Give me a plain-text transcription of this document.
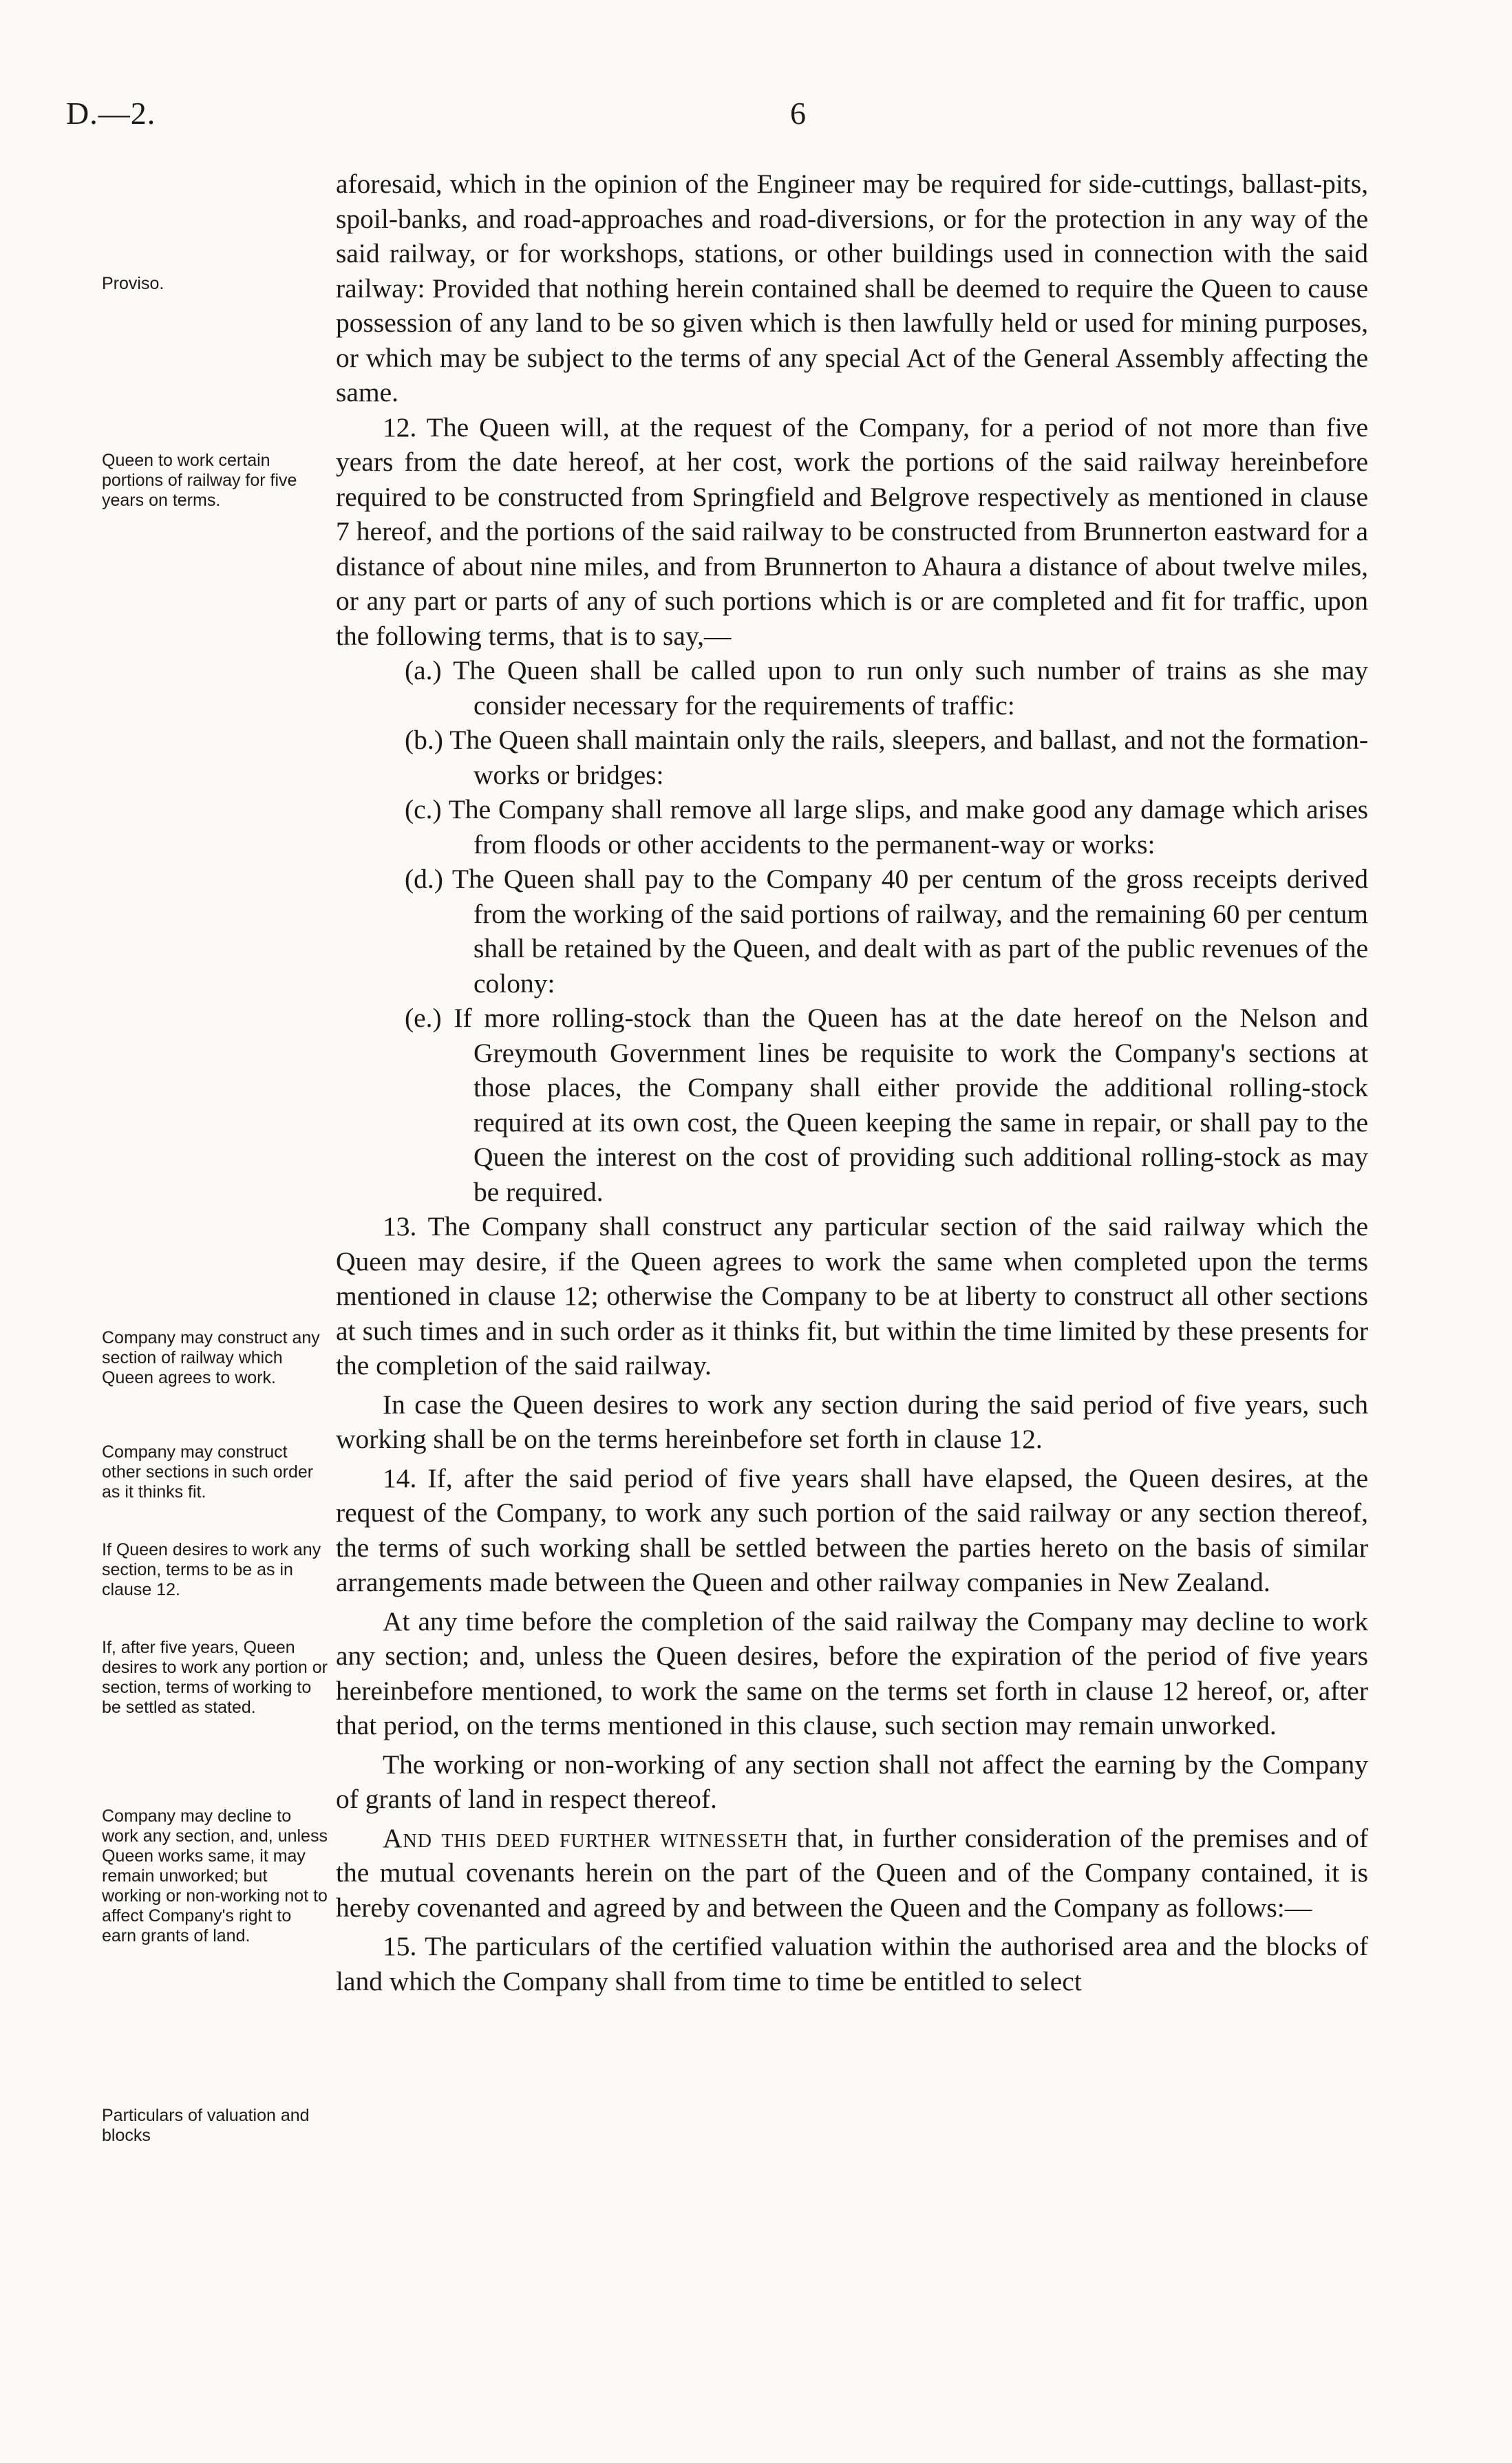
D.—2.	6
Proviso.
Queen to work certain portions of railway for five years on terms.
Company may construct any section of railway which Queen agrees to work.
Company may construct other sections in such order as it thinks fit.
If Queen desires to work any section, terms to be as in clause 12.
If, after five years, Queen desires to work any portion or section, terms of working to be settled as stated.
Company may decline to work any section, and, unless Queen works same, it may remain unworked; but working or non-working not to affect Company's right to earn grants of land.
Particulars of valuation and blocks

aforesaid, which in the opinion of the Engineer may be required for side-cuttings, ballast-pits, spoil-banks, and road-approaches and road-diversions, or for the protection in any way of the said railway, or for workshops, stations, or other buildings used in connection with the said railway: Provided that nothing herein contained shall be deemed to require the Queen to cause possession of any land to be so given which is then lawfully held or used for mining purposes, or which may be subject to the terms of any special Act of the General Assembly affecting the same.

12. The Queen will, at the request of the Company, for a period of not more than five years from the date hereof, at her cost, work the portions of the said railway hereinbefore required to be constructed from Springfield and Belgrove respectively as mentioned in clause 7 hereof, and the portions of the said railway to be constructed from Brunnerton eastward for a distance of about nine miles, and from Brunnerton to Ahaura a distance of about twelve miles, or any part or parts of any of such portions which is or are completed and fit for traffic, upon the following terms, that is to say,—

(a.) The Queen shall be called upon to run only such number of trains as she may consider necessary for the requirements of traffic:

(b.) The Queen shall maintain only the rails, sleepers, and ballast, and not the formation-works or bridges:

(c.) The Company shall remove all large slips, and make good any damage which arises from floods or other accidents to the permanent-way or works:

(d.) The Queen shall pay to the Company 40 per centum of the gross receipts derived from the working of the said portions of railway, and the remaining 60 per centum shall be retained by the Queen, and dealt with as part of the public revenues of the colony:

(e.) If more rolling-stock than the Queen has at the date hereof on the Nelson and Greymouth Government lines be requisite to work the Company's sections at those places, the Company shall either provide the additional rolling-stock required at its own cost, the Queen keeping the same in repair, or shall pay to the Queen the interest on the cost of providing such additional rolling-stock as may be required.

13. The Company shall construct any particular section of the said railway which the Queen may desire, if the Queen agrees to work the same when completed upon the terms mentioned in clause 12; otherwise the Company to be at liberty to construct all other sections at such times and in such order as it thinks fit, but within the time limited by these presents for the completion of the said railway.

In case the Queen desires to work any section during the said period of five years, such working shall be on the terms hereinbefore set forth in clause 12.

14. If, after the said period of five years shall have elapsed, the Queen desires, at the request of the Company, to work any such portion of the said railway or any section thereof, the terms of such working shall be settled between the parties hereto on the basis of similar arrangements made between the Queen and other railway companies in New Zealand.

At any time before the completion of the said railway the Company may decline to work any section; and, unless the Queen desires, before the expiration of the period of five years hereinbefore mentioned, to work the same on the terms set forth in clause 12 hereof, or, after that period, on the terms mentioned in this clause, such section may remain unworked.

The working or non-working of any section shall not affect the earning by the Company of grants of land in respect thereof.

And this deed further witnesseth that, in further consideration of the premises and of the mutual covenants herein on the part of the Queen and of the Company contained, it is hereby covenanted and agreed by and between the Queen and the Company as follows:—

15. The particulars of the certified valuation within the authorised area and the blocks of land which the Company shall from time to time be entitled to select
